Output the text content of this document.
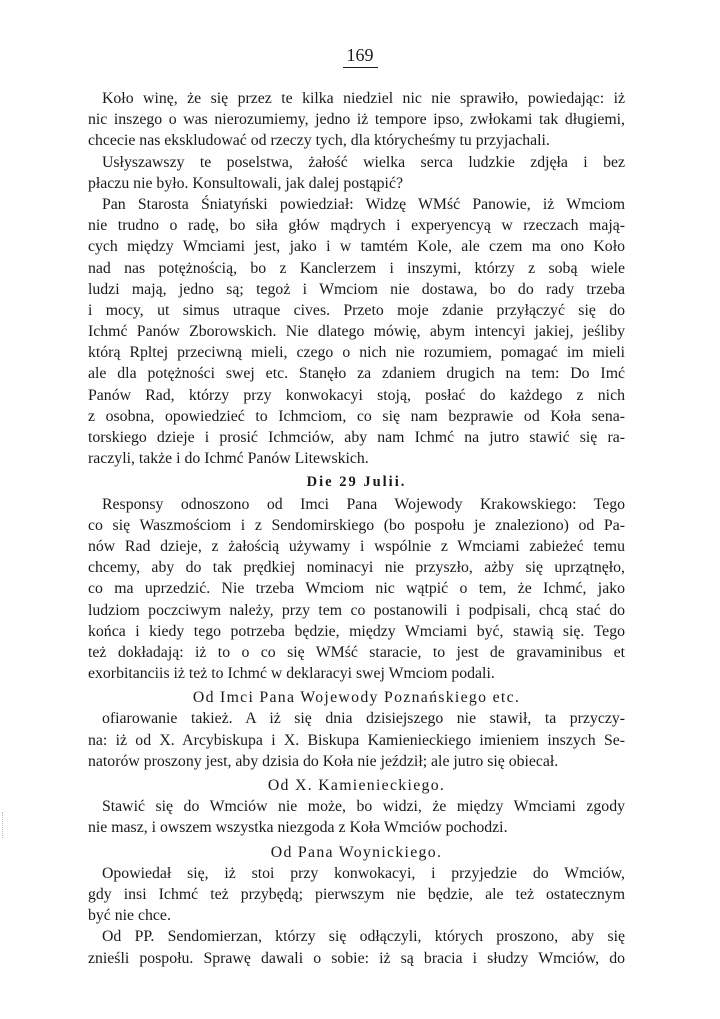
169
Koło winę, że się przez te kilka niedziel nic nie sprawiło, powiedając: iż
nic inszego o was nierozumiemy, jedno iż tempore ipso, zwłokami tak długiemi,
chcecie nas ekskludować od rzeczy tych, dla którycheśmy tu przyjachali.
Usłyszawszy te poselstwa, żałość wielka serca ludzkie zdjęła i bez
płaczu nie było. Konsultowali, jak dalej postąpić?
Pan Starosta Śniatyński powiedział: Widzę WMść Panowie, iż Wmciom
nie trudno o radę, bo siła głów mądrych i experyencyą w rzeczach mają-
cych między Wmciami jest, jako i w tamtém Kole, ale czem ma ono Koło
nad nas potężnością, bo z Kanclerzem i inszymi, którzy z sobą wiele
ludzi mają, jedno są; tegoż i Wmciom nie dostawa, bo do rady trzeba
i mocy, ut simus utraque cives. Przeto moje zdanie przyłączyć się do
Ichmć Panów Zborowskich. Nie dlatego mówię, abym intencyi jakiej, jeśliby
którą Rpltej przeciwną mieli, czego o nich nie rozumiem, pomagać im mieli
ale dla potężności swej etc. Stanęło za zdaniem drugich na tem: Do Imć
Panów Rad, którzy przy konwokacyi stoją, posłać do każdego z nich
z osobna, opowiedzieć to Ichmciom, co się nam bezprawie od Koła sena-
torskiego dzieje i prosić Ichmciów, aby nam Ichmć na jutro stawić się ra-
raczyli, także i do Ichmć Panów Litewskich.
Die 29 Julii.
Responsy odnoszono od Imci Pana Wojewody Krakowskiego: Tego
co się Waszmościom i z Sendomirskiego (bo pospołu je znaleziono) od Pa-
nów Rad dzieje, z żałością używamy i wspólnie z Wmciami zabieżeć temu
chcemy, aby do tak prędkiej nominacyi nie przyszło, ażby się uprzątnęło,
co ma uprzedzić. Nie trzeba Wmciom nic wątpić o tem, że Ichmć, jako
ludziom poczciwym należy, przy tem co postanowili i podpisali, chcą stać do
końca i kiedy tego potrzeba będzie, między Wmciami być, stawią się. Tego
też dokładają: iż to o co się WMść staracie, to jest de gravaminibus et
exorbitanciis iż też to Ichmć w deklaracyi swej Wmciom podali.
Od Imci Pana Wojewody Poznańskiego etc.
ofiarowanie takież. A iż się dnia dzisiejszego nie stawił, ta przyczy-
na: iż od X. Arcybiskupa i X. Biskupa Kamienieckiego imieniem inszych Se-
natorów proszony jest, aby dzisia do Koła nie jeździł; ale jutro się obiecał.
Od X. Kamienieckiego.
Stawić się do Wmciów nie może, bo widzi, że między Wmciami zgody
nie masz, i owszem wszystka niezgoda z Koła Wmciów pochodzi.
Od Pana Woynickiego.
Opowiedał się, iż stoi przy konwokacyi, i przyjedzie do Wmciów,
gdy insi Ichmć też przybędą; pierwszym nie będzie, ale też ostatecznym
być nie chce.
Od PP. Sendomierzan, którzy się odłączyli, których proszono, aby się
znieśli pospołu. Sprawę dawali o sobie: iż są bracia i słudzy Wmciów, do
